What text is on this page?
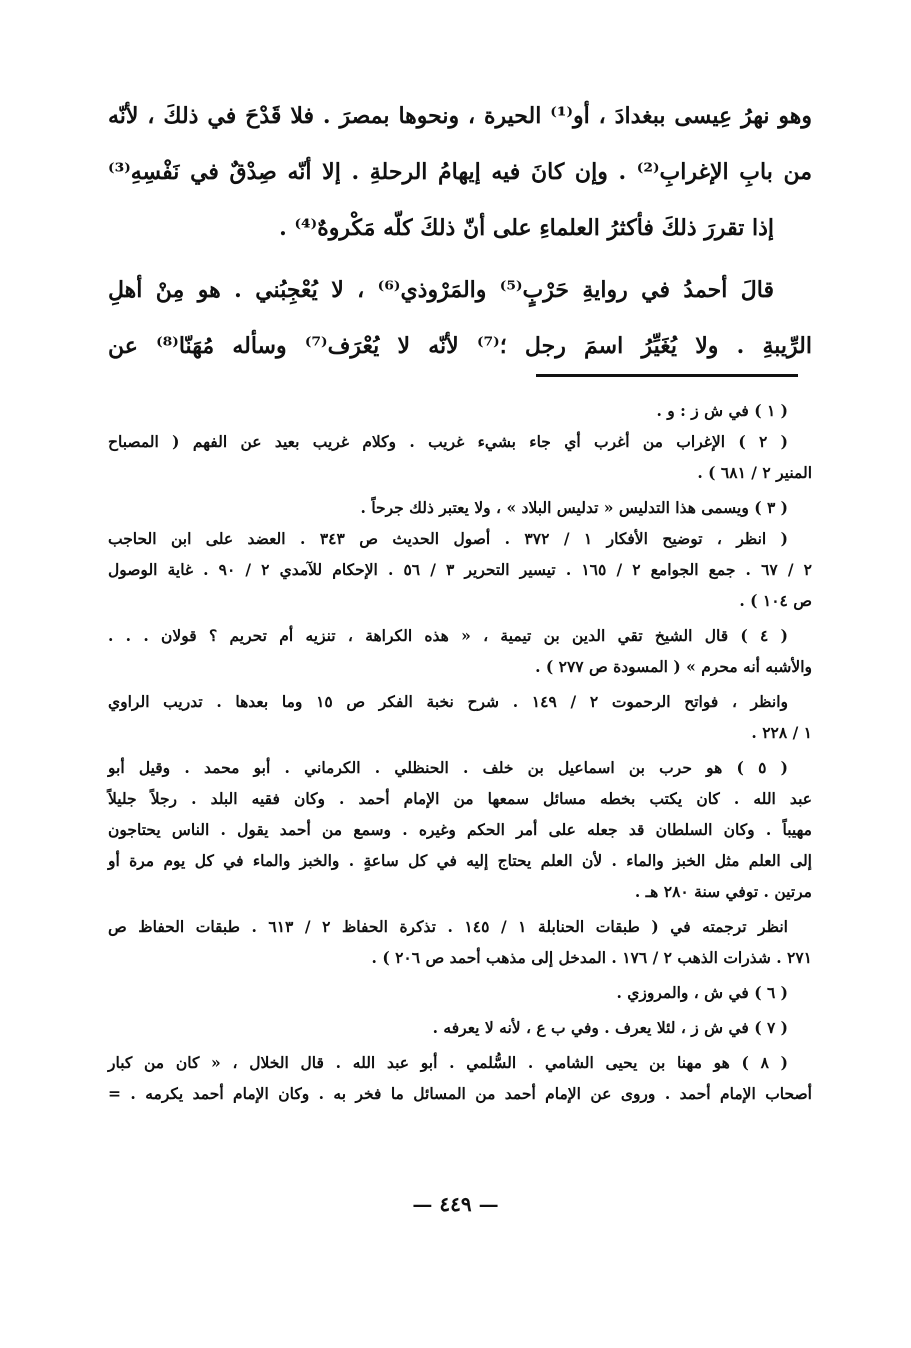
وهو نهرُ عِيسى ببغدادَ ، أو⁽¹⁾ الحيرة ، ونحوها بمصرَ . فلا قَدْحَ في ذلكَ ، لأنّه
من بابِ الإغرابِ⁽²⁾ . وإن كانَ فيه إيهامُ الرحلةِ . إلا أنّه صِدْقٌ في نَفْسِهِ⁽³⁾
إذا تقررَ ذلكَ فأكثرُ العلماءِ على أنّ ذلكَ كلّه مَكْروهٌ⁽⁴⁾ .
قالَ أحمدُ في روايةِ حَرْبٍ⁽⁵⁾ والمَرْوذي⁽⁶⁾ ، لا يُعْجِبُني . هو مِنْ أهلِ
الرِّيبةِ . ولا يُغَيِّرُ اسمَ رجل ؛⁽⁷⁾ لأنّه لا يُعْرَف⁽⁷⁾ وسأله مُهَنّا⁽⁸⁾ عن
( ١ ) في ش ز : و .
( ٢ ) الإغراب من أغرب أي جاء بشيء غريب . وكلام غريب بعيد عن الفهم ( المصباح
المنير ٢ / ٦٨١ ) .
( ٣ ) ويسمى هذا التدليس « تدليس البلاد » ، ولا يعتبر ذلك جرحاً .
( انظر ، توضيح الأفكار ١ / ٣٧٢ . أصول الحديث ص ٣٤٣ . العضد على ابن الحاجب
٢ / ٦٧ . جمع الجوامع ٢ / ١٦٥ . تيسير التحرير ٣ / ٥٦ . الإحكام للآمدي ٢ / ٩٠ . غاية الوصول
ص ١٠٤ ) .
( ٤ ) قال الشيخ تقي الدين بن تيمية ، « هذه الكراهة ، تنزيه أم تحريم ؟ قولان . . .
والأشبه أنه محرم » ( المسودة ص ٢٧٧ ) .
وانظر ، فواتح الرحموت ٢ / ١٤٩ . شرح نخبة الفكر ص ١٥ وما بعدها . تدريب الراوي
١ / ٢٢٨ .
( ٥ ) هو حرب بن اسماعيل بن خلف . الحنظلي . الكرماني . أبو محمد . وقيل أبو
عبد الله . كان يكتب بخطه مسائل سمعها من الإمام أحمد . وكان فقيه البلد . رجلاً جليلاً
مهيباً . وكان السلطان قد جعله على أمر الحكم وغيره . وسمع من أحمد يقول . الناس يحتاجون
إلى العلم مثل الخبز والماء . لأن العلم يحتاج إليه في كل ساعةٍ . والخبز والماء في كل يوم مرة أو
مرتين . توفي سنة ٢٨٠ هـ .
انظر ترجمته في ( طبقات الحنابلة ١ / ١٤٥ . تذكرة الحفاظ ٢ / ٦١٣ . طبقات الحفاظ ص
٢٧١ . شذرات الذهب ٢ / ١٧٦ . المدخل إلى مذهب أحمد ص ٢٠٦ ) .
( ٦ ) في ش ، والمروزي .
( ٧ ) في ش ز ، لئلا يعرف . وفي ب ع ، لأنه لا يعرفه .
( ٨ ) هو مهنا بن يحيى الشامي . السُّلمي . أبو عبد الله . قال الخلال ، « كان من كبار
أصحاب الإمام أحمد . وروى عن الإمام أحمد من المسائل ما فخر به . وكان الإمام أحمد يكرمه . =
— ٤٤٩ —
